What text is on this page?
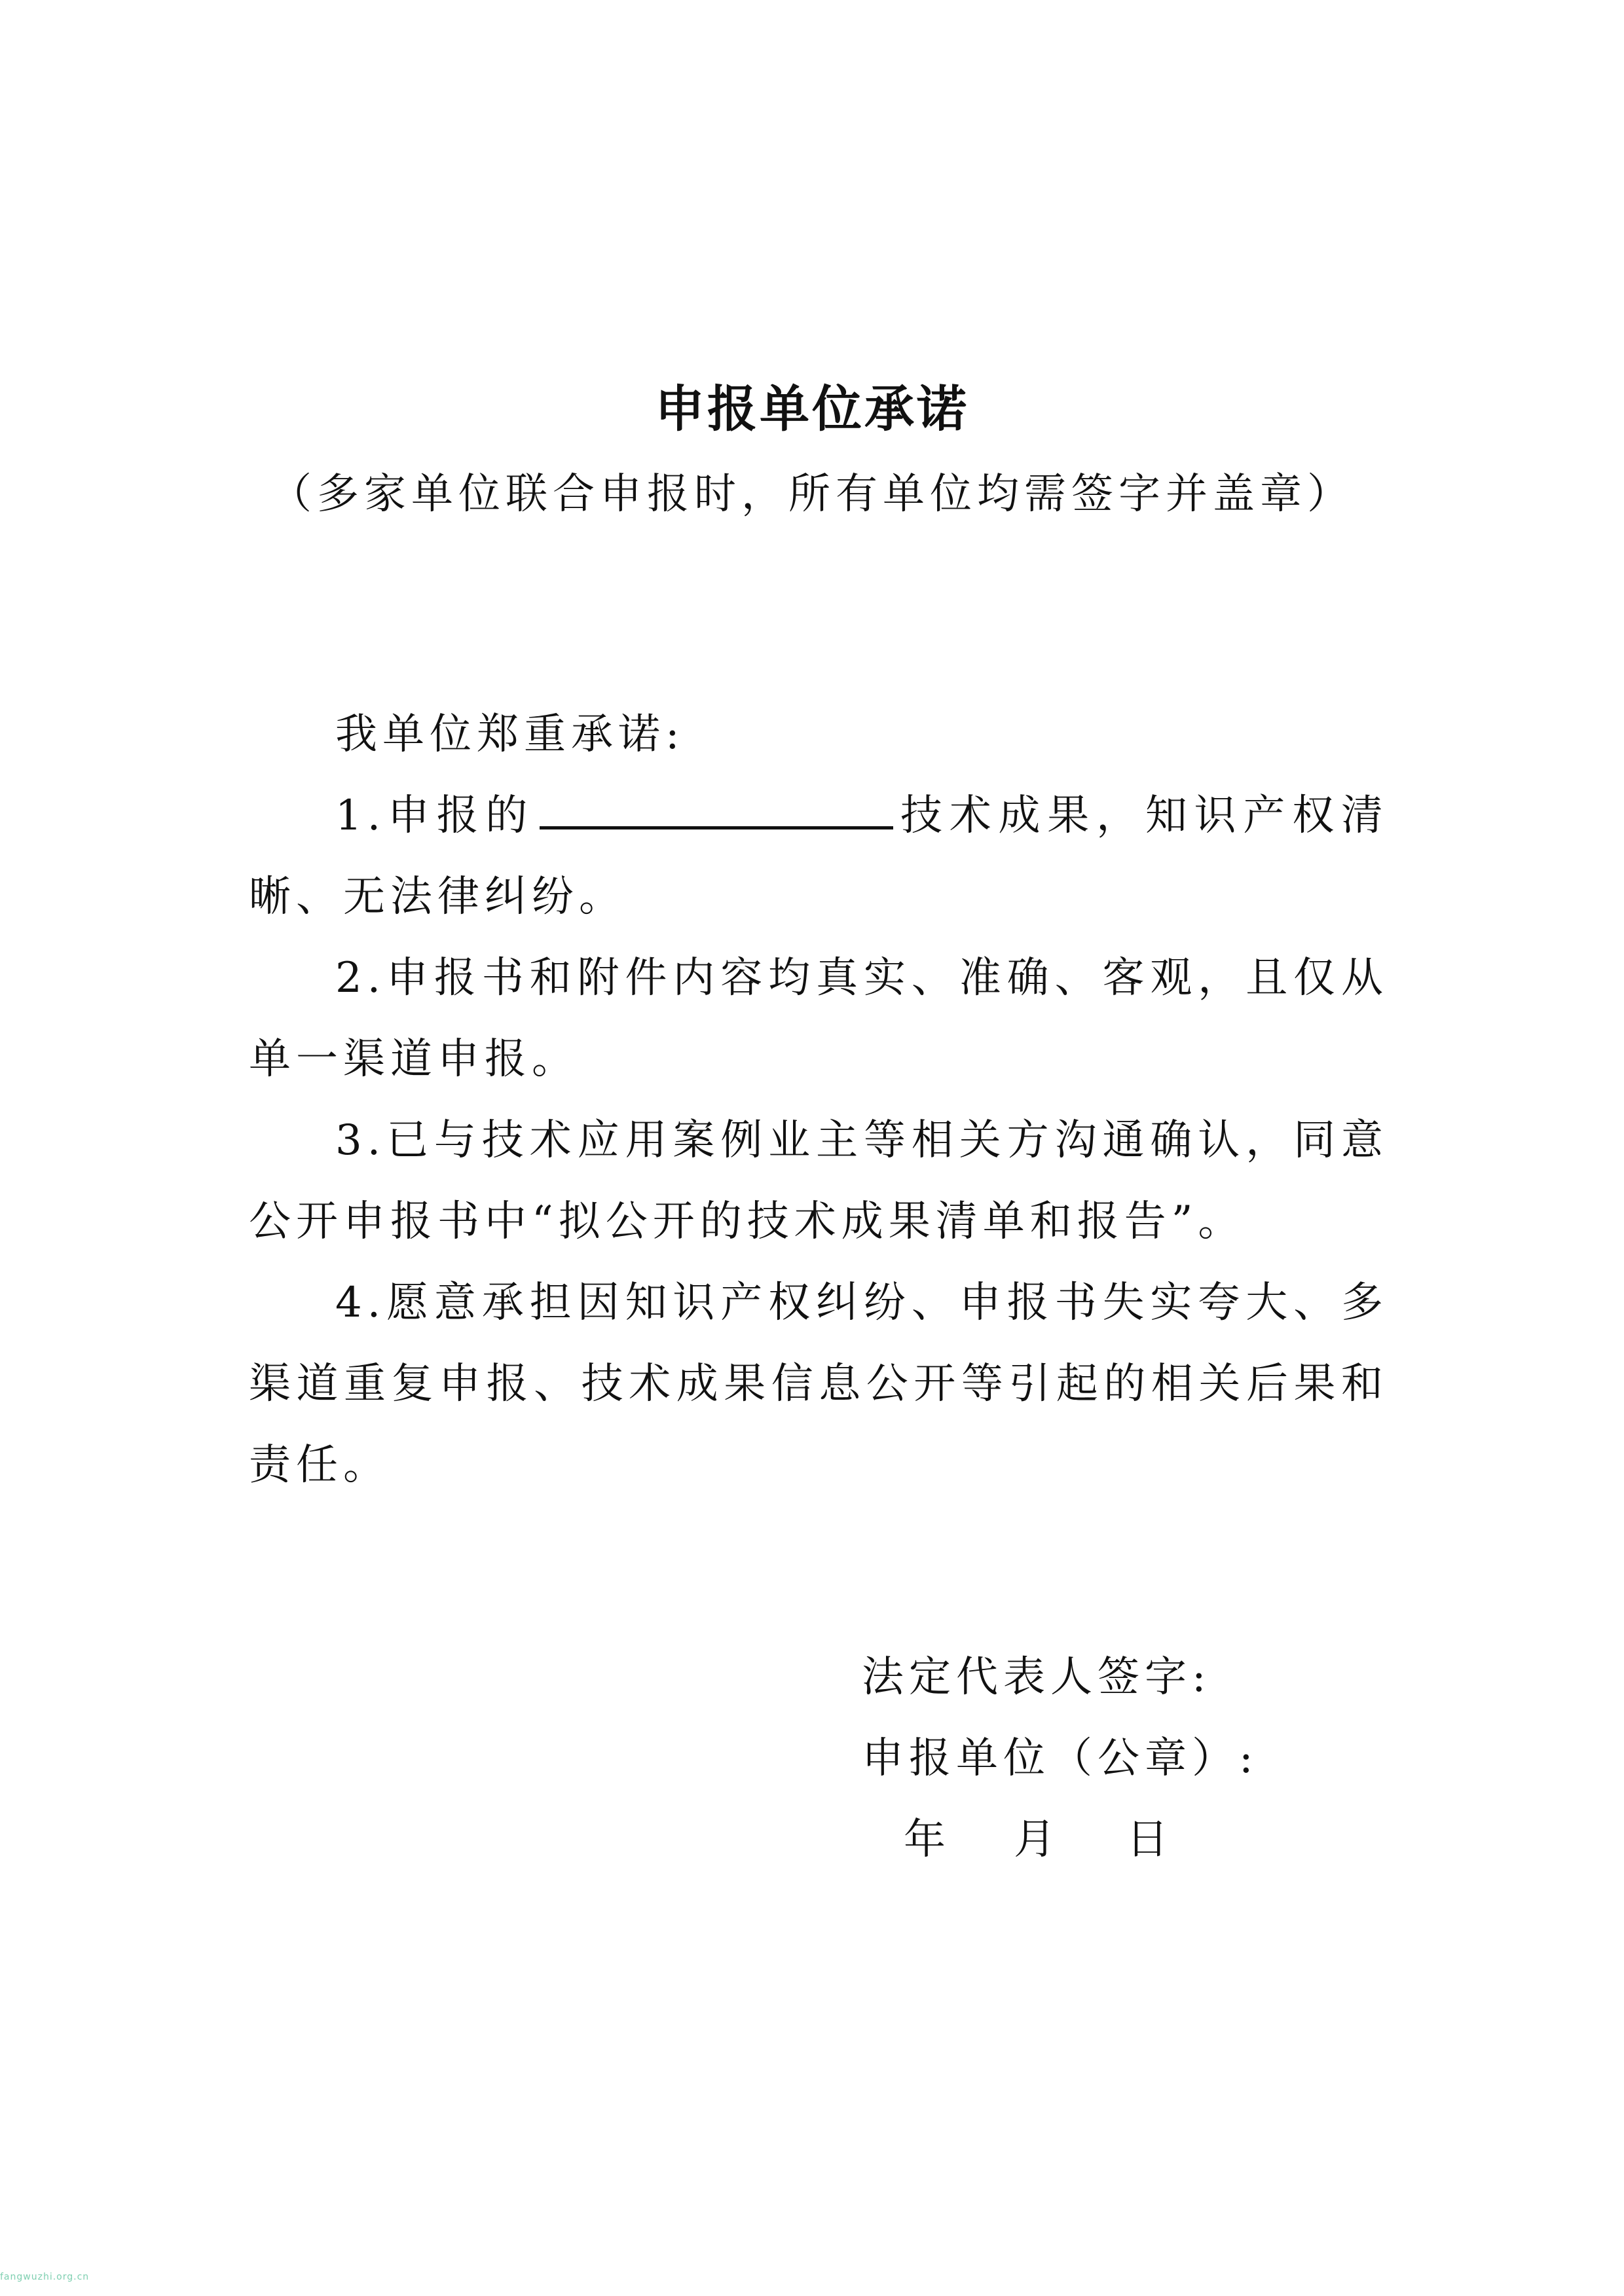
申报单位承诺
（多家单位联合申报时，所有单位均需签字并盖章）

我单位郑重承诺:

1.申报的	技术成果，知识产权清晰、无法律纠纷。

2.申报书和附件内容均真实、准确、客观，且仅从单一渠道申报。

3.已与技术应用案例业主等相关方沟通确认，同意公开申报书中“拟公开的技术成果清单和报告”。

4.愿意承担因知识产权纠纷、申报书失实夸大、多渠道重复申报、技术成果信息公开等引起的相关后果和责任。

法定代表人签字:
申报单位（公章）:
年 月 日
fangwuzhi.org.cn
